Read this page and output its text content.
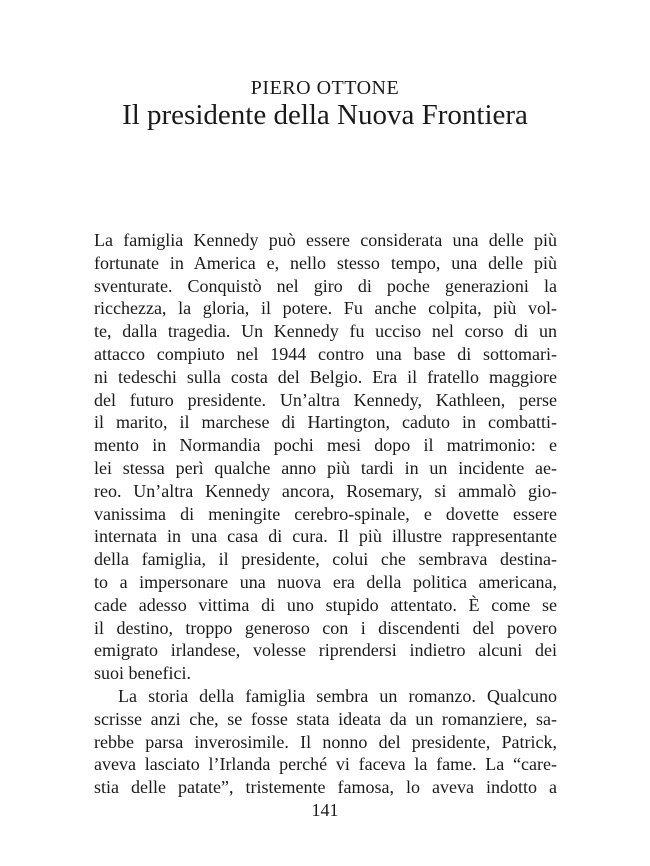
PIERO OTTONE
Il presidente della Nuova Frontiera
La famiglia Kennedy può essere considerata una delle più
fortunate in America e, nello stesso tempo, una delle più
sventurate. Conquistò nel giro di poche generazioni la
ricchezza, la gloria, il potere. Fu anche colpita, più vol-
te, dalla tragedia. Un Kennedy fu ucciso nel corso di un
attacco compiuto nel 1944 contro una base di sottomari-
ni tedeschi sulla costa del Belgio. Era il fratello maggiore
del futuro presidente. Un’altra Kennedy, Kathleen, perse
il marito, il marchese di Hartington, caduto in combatti-
mento in Normandia pochi mesi dopo il matrimonio: e
lei stessa perì qualche anno più tardi in un incidente ae-
reo. Un’altra Kennedy ancora, Rosemary, si ammalò gio-
vanissima di meningite cerebro-spinale, e dovette essere
internata in una casa di cura. Il più illustre rappresentante
della famiglia, il presidente, colui che sembrava destina-
to a impersonare una nuova era della politica americana,
cade adesso vittima di uno stupido attentato. È come se
il destino, troppo generoso con i discendenti del povero
emigrato irlandese, volesse riprendersi indietro alcuni dei
suoi benefici.
La storia della famiglia sembra un romanzo. Qualcuno
scrisse anzi che, se fosse stata ideata da un romanziere, sa-
rebbe parsa inverosimile. Il nonno del presidente, Patrick,
aveva lasciato l’Irlanda perché vi faceva la fame. La “care-
stia delle patate”, tristemente famosa, lo aveva indotto a
141
